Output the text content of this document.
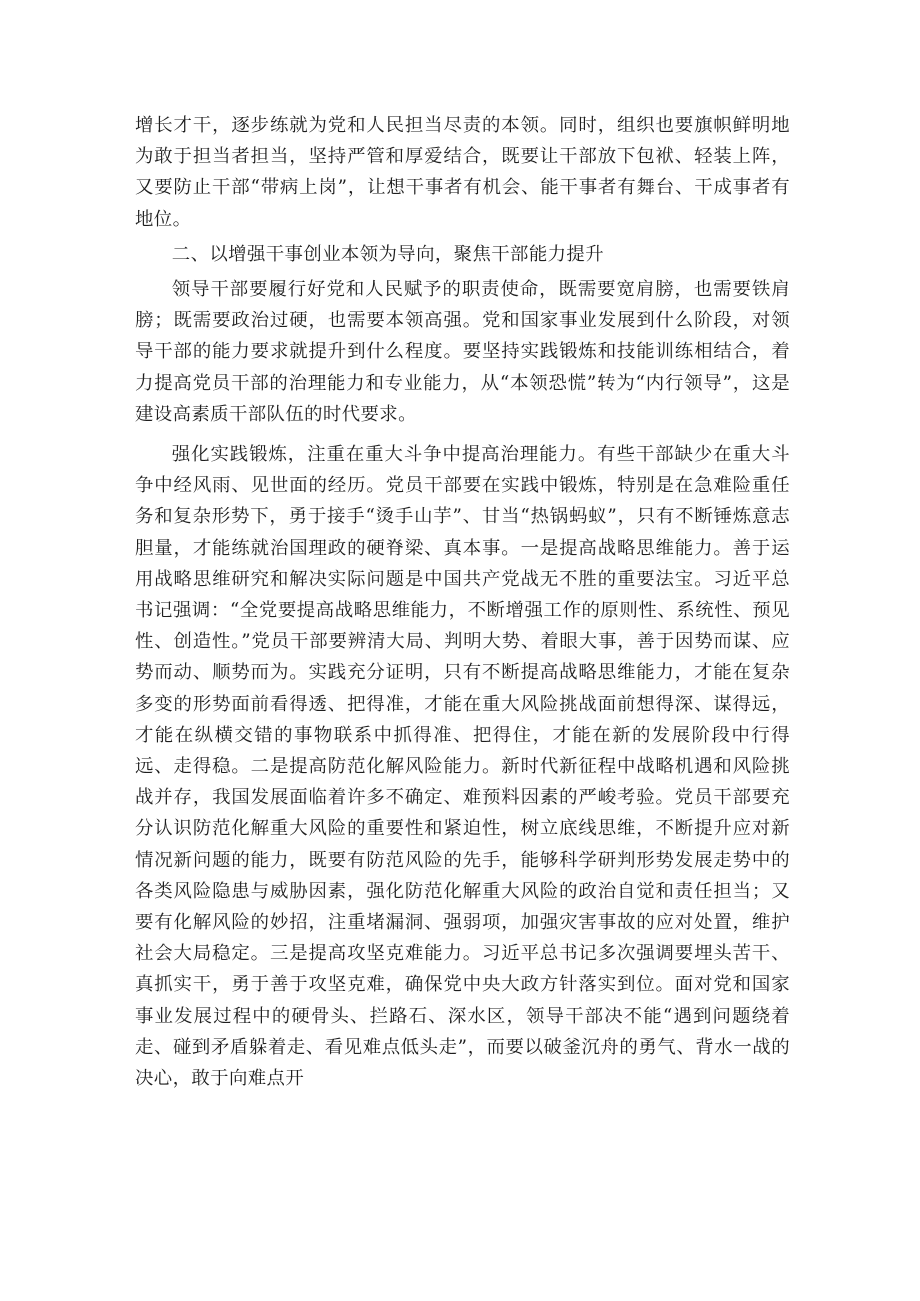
增长才干，逐步练就为党和人民担当尽责的本领。同时，组织也要旗帜鲜明地为敢于担当者担当，坚持严管和厚爱结合，既要让干部放下包袱、轻装上阵，又要防止干部“带病上岗”，让想干事者有机会、能干事者有舞台、干成事者有地位。

二、以增强干事创业本领为导向，聚焦干部能力提升

领导干部要履行好党和人民赋予的职责使命，既需要宽肩膀，也需要铁肩膀；既需要政治过硬，也需要本领高强。党和国家事业发展到什么阶段，对领导干部的能力要求就提升到什么程度。要坚持实践锻炼和技能训练相结合，着力提高党员干部的治理能力和专业能力，从“本领恐慌”转为“内行领导”，这是建设高素质干部队伍的时代要求。

强化实践锻炼，注重在重大斗争中提高治理能力。有些干部缺少在重大斗争中经风雨、见世面的经历。党员干部要在实践中锻炼，特别是在急难险重任务和复杂形势下，勇于接手“烫手山芋”、甘当“热锅蚂蚁”，只有不断锤炼意志胆量，才能练就治国理政的硬脊梁、真本事。一是提高战略思维能力。善于运用战略思维研究和解决实际问题是中国共产党战无不胜的重要法宝。习近平总书记强调：“全党要提高战略思维能力，不断增强工作的原则性、系统性、预见性、创造性。”党员干部要辨清大局、判明大势、着眼大事，善于因势而谋、应势而动、顺势而为。实践充分证明，只有不断提高战略思维能力，才能在复杂多变的形势面前看得透、把得准，才能在重大风险挑战面前想得深、谋得远，才能在纵横交错的事物联系中抓得准、把得住，才能在新的发展阶段中行得远、走得稳。二是提高防范化解风险能力。新时代新征程中战略机遇和风险挑战并存，我国发展面临着许多不确定、难预料因素的严峻考验。党员干部要充分认识防范化解重大风险的重要性和紧迫性，树立底线思维，不断提升应对新情况新问题的能力，既要有防范风险的先手，能够科学研判形势发展走势中的各类风险隐患与威胁因素，强化防范化解重大风险的政治自觉和责任担当；又要有化解风险的妙招，注重堵漏洞、强弱项，加强灾害事故的应对处置，维护社会大局稳定。三是提高攻坚克难能力。习近平总书记多次强调要埋头苦干、真抓实干，勇于善于攻坚克难，确保党中央大政方针落实到位。面对党和国家事业发展过程中的硬骨头、拦路石、深水区，领导干部决不能“遇到问题绕着走、碰到矛盾躲着走、看见难点低头走”，而要以破釜沉舟的勇气、背水一战的决心，敢于向难点开
